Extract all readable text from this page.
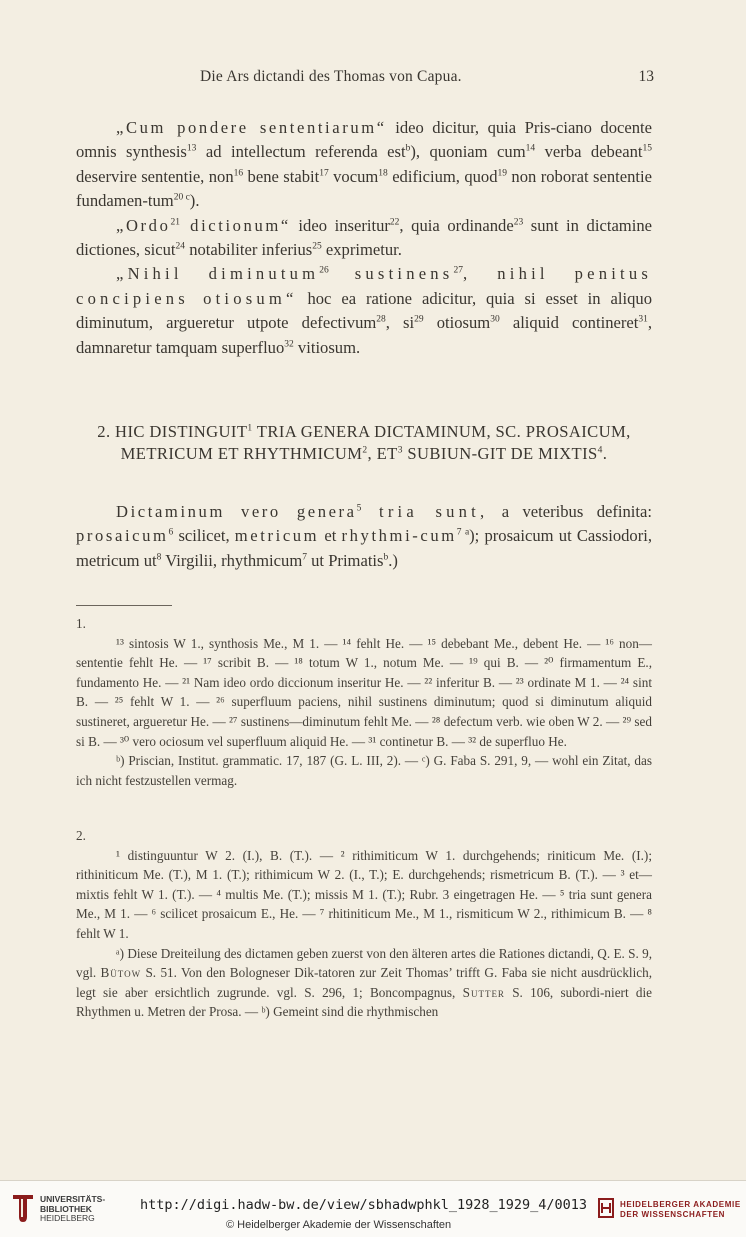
Die Ars dictandi des Thomas von Capua.	13

„Cum pondere sententiarum“ ideo dicitur, quia Pris-ciano docente omnis synthesis$^{13}$ ad intellectum referenda est$^b$), quoniam cum$^{14}$ verba debeant$^{15}$ deservire sententie, non$^{16}$ bene stabit$^{17}$ vocum$^{18}$ edificium, quod$^{19}$ non roborat sententie fundamen-tum$^{20}$ $^c$).

„Ordo$^{21}$ dictionum“ ideo inseritur$^{22}$, quia ordinande$^{23}$ sunt in dictamine dictiones, sicut$^{24}$ notabiliter inferius$^{25}$ exprimetur.

„Nihil diminutum$^{26}$ sustinens$^{27}$, nihil penitus concipiens otiosum“ hoc ea ratione adicitur, quia si esset in aliquo diminutum, argueretur utpote defectivum$^{28}$, $si^{29}$ otiosum$^{30}$ aliquid contineret$^{31}$, damnaretur tamquam superfluo$^{32}$ vitiosum.

2. HIC DISTINGUIT$^1$ TRIA GENERA DICTAMINUM, SC. PROSAICUM, METRICUM ET RHYTHMICUM$^2$, $ET^3$ SUBIUN-GIT DE MIXTIS$^4$.

Dictaminum vero genera$^5$ tria sunt, a veteribus definita: prosaicum$^6$ scilicet, metricum et rhythmi-cum$^7$ $^a$); prosaicum ut Cassiodori, metricum $ut^8$ Virgilii, rhythmicum$^7$ ut Primatis$^b$.)

1.

¹³ sintosis W 1., synthosis Me., M 1. — ¹⁴ fehlt He. — ¹⁵ debebant Me., debent He. — ¹⁶ non—sententie fehlt He. — ¹⁷ scribit B. — ¹⁸ totum W 1., notum Me. — ¹⁹ qui B. — ²⁰ firmamentum E., fundamento He. — ²¹ Nam ideo ordo diccionum inseritur He. — ²² inferitur B. — ²³ ordinate M 1. — ²⁴ sint B. — ²⁵ fehlt W 1. — ²⁶ superfluum paciens, nihil sustinens diminutum; quod si diminutum aliquid sustineret, argueretur He. — ²⁷ sustinens—diminutum fehlt Me. — ²⁸ defectum verb. wie oben W 2. — ²⁹ sed si B. — ³⁰ vero ociosum vel superfluum aliquid He. — ³¹ continetur B. — ³² de superfluo He.

ᵇ) Priscian, Institut. grammatic. 17, 187 (G. L. III, 2). — ᶜ) G. Faba S. 291, 9, — wohl ein Zitat, das ich nicht festzustellen vermag.

2.

¹ distinguuntur W 2. (I.), B. (T.). — ² rithimiticum W 1. durchgehends; riniticum Me. (I.); rithiniticum Me. (T.), M 1. (T.); rithimicum W 2. (I., T.); E. durchgehends; rismetricum B. (T.). — ³ et—mixtis fehlt W 1. (T.). — ⁴ multis Me. (T.); missis M 1. (T.); Rubr. 3 eingetragen He. — ⁵ tria sunt genera Me., M 1. — ⁶ scilicet prosaicum E., He. — ⁷ rhitiniticum Me., M 1., rismiticum W 2., rithimicum B. — ⁸ fehlt W 1.

ᵃ) Diese Dreiteilung des dictamen geben zuerst von den älteren artes die Rationes dictandi, Q. E. S. 9, vgl. Bütow S. 51. Von den Bologneser Dik-tatoren zur Zeit Thomas’ trifft G. Faba sie nicht ausdrücklich, legt sie aber ersichtlich zugrunde. vgl. S. 296, 1; Boncompagnus, Sutter S. 106, subordi-niert die Rhythmen u. Metren der Prosa. — ᵇ) Gemeint sind die rhythmischen

UNIVERSITÄTS-
BIBLIOTHEK
HEIDELBERG
http://digi.hadw-bw.de/view/sbhadwphkl_1928_1929_4/0013
© Heidelberger Akademie der Wissenschaften
HEIDELBERGER AKADEMIE
DER WISSENSCHAFTEN
